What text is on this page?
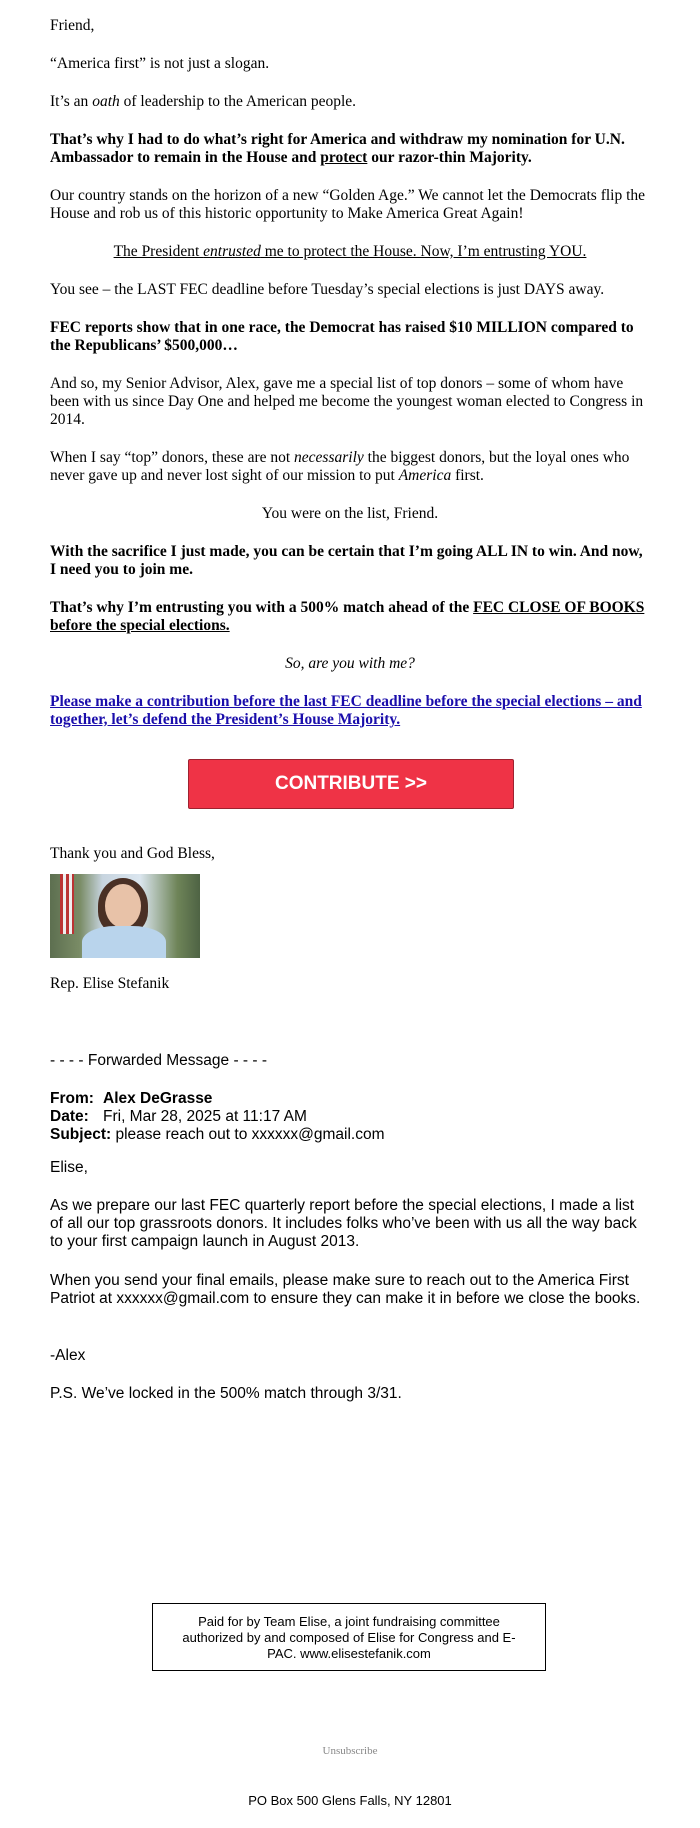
Friend,

“America first” is not just a slogan.

It’s an oath of leadership to the American people.

That’s why I had to do what’s right for America and withdraw my nomination for U.N. Ambassador to remain in the House and protect our razor-thin Majority.

Our country stands on the horizon of a new “Golden Age.” We cannot let the Democrats flip the House and rob us of this historic opportunity to Make America Great Again!

The President entrusted me to protect the House. Now, I’m entrusting YOU.

You see – the LAST FEC deadline before Tuesday’s special elections is just DAYS away.

FEC reports show that in one race, the Democrat has raised $10 MILLION compared to the Republicans’ $500,000…

And so, my Senior Advisor, Alex, gave me a special list of top donors – some of whom have been with us since Day One and helped me become the youngest woman elected to Congress in 2014.

When I say “top” donors, these are not necessarily the biggest donors, but the loyal ones who never gave up and never lost sight of our mission to put America first.

You were on the list, Friend.

With the sacrifice I just made, you can be certain that I’m going ALL IN to win. And now, I need you to join me.

That’s why I’m entrusting you with a 500% match ahead of the FEC CLOSE OF BOOKS before the special elections.

So, are you with me?

Please make a contribution before the last FEC deadline before the special elections – and together, let’s defend the President’s House Majority.

CONTRIBUTE >>

Thank you and God Bless,

Rep. Elise Stefanik

- - - - Forwarded Message - - - -

From: Alex DeGrasse

Date: Fri, Mar 28, 2025 at 11:17 AM

Subject: please reach out to xxxxxx@gmail.com

Elise,

As we prepare our last FEC quarterly report before the special elections, I made a list of all our top grassroots donors. It includes folks who’ve been with us all the way back to your first campaign launch in August 2013.

When you send your final emails, please make sure to reach out to the America First Patriot at xxxxxx@gmail.com to ensure they can make it in before we close the books.

-Alex

P.S. We’ve locked in the 500% match through 3/31.

Paid for by Team Elise, a joint fundraising committee authorized by and composed of Elise for Congress and E-PAC. www.elisestefanik.com
Unsubscribe
PO Box 500 Glens Falls, NY 12801
